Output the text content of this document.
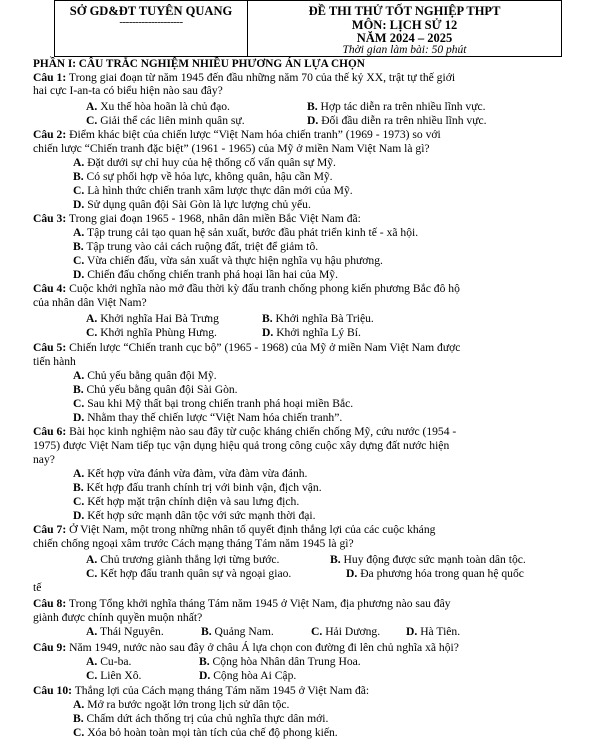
SỞ GD&ĐT TUYÊN QUANG
--------------------
ĐỀ THI THỬ TỐT NGHIỆP THPT
MÔN: LỊCH SỬ 12
NĂM 2024 – 2025
Thời gian làm bài: 50 phút
PHẦN I: CÂU TRẮC NGHIỆM NHIỀU PHƯƠNG ÁN LỰA CHỌN
Câu 1: Trong giai đoạn từ năm 1945 đến đầu những năm 70 của thế kỷ XX, trật tự thế giới
hai cực I-an-ta có biểu hiện nào sau đây?
A. Xu thế hòa hoãn là chủ đạo.	B. Hợp tác diễn ra trên nhiều lĩnh vực.
C. Giải thể các liên minh quân sự.	D. Đối đầu diễn ra trên nhiều lĩnh vực.
Câu 2: Điểm khác biệt của chiến lược “Việt Nam hóa chiến tranh” (1969 - 1973) so với
chiến lược “Chiến tranh đặc biệt” (1961 - 1965) của Mỹ ở miền Nam Việt Nam là gì?
A. Đặt dưới sự chỉ huy của hệ thống cố vấn quân sự Mỹ.
B. Có sự phối hợp về hỏa lực, không quân, hậu cần Mỹ.
C. Là hình thức chiến tranh xâm lược thực dân mới của Mỹ.
D. Sử dụng quân đội Sài Gòn là lực lượng chủ yếu.
Câu 3: Trong giai đoạn 1965 - 1968, nhân dân miền Bắc Việt Nam đã:
A. Tập trung cải tạo quan hệ sản xuất, bước đầu phát triển kinh tế - xã hội.
B. Tập trung vào cải cách ruộng đất, triệt để giảm tô.
C. Vừa chiến đấu, vừa sản xuất và thực hiện nghĩa vụ hậu phương.
D. Chiến đấu chống chiến tranh phá hoại lần hai của Mỹ.
Câu 4: Cuộc khởi nghĩa nào mở đầu thời kỳ đấu tranh chống phong kiến phương Bắc đô hộ
của nhân dân Việt Nam?
A. Khởi nghĩa Hai Bà Trưng	B. Khởi nghĩa Bà Triệu.
C. Khởi nghĩa Phùng Hưng.	D. Khởi nghĩa Lý Bí.
Câu 5: Chiến lược “Chiến tranh cục bộ” (1965 - 1968) của Mỹ ở miền Nam Việt Nam được
tiến hành
A. Chủ yếu bằng quân đội Mỹ.
B. Chủ yếu bằng quân đội Sài Gòn.
C. Sau khi Mỹ thất bại trong chiến tranh phá hoại miền Bắc.
D. Nhằm thay thế chiến lược “Việt Nam hóa chiến tranh”.
Câu 6: Bài học kinh nghiệm nào sau đây từ cuộc kháng chiến chống Mỹ, cứu nước (1954 -
1975) được Việt Nam tiếp tục vận dụng hiệu quả trong công cuộc xây dựng đất nước hiện
nay?
A. Kết hợp vừa đánh vừa đàm, vừa đàm vừa đánh.
B. Kết hợp đấu tranh chính trị với binh vận, địch vận.
C. Kết hợp mặt trận chính diện và sau lưng địch.
D. Kết hợp sức mạnh dân tộc với sức mạnh thời đại.
Câu 7: Ở Việt Nam, một trong những nhân tố quyết định thắng lợi của các cuộc kháng
chiến chống ngoại xâm trước Cách mạng tháng Tám năm 1945 là gì?
A. Chủ trương giành thắng lợi từng bước.	B. Huy động được sức mạnh toàn dân tộc.
C. Kết hợp đấu tranh quân sự và ngoại giao.	D. Đa phương hóa trong quan hệ quốc
tế
Câu 8: Trong Tổng khởi nghĩa tháng Tám năm 1945 ở Việt Nam, địa phương nào sau đây
giành được chính quyền muộn nhất?
A. Thái Nguyên.	B. Quảng Nam.	C. Hải Dương. D. Hà Tiên.
Câu 9: Năm 1949, nước nào sau đây ở châu Á lựa chọn con đường đi lên chủ nghĩa xã hội?
A. Cu-ba.	B. Cộng hòa Nhân dân Trung Hoa.
C. Liên Xô.	D. Cộng hòa Ai Cập.
Câu 10: Thắng lợi của Cách mạng tháng Tám năm 1945 ở Việt Nam đã:
A. Mở ra bước ngoặt lớn trong lịch sử dân tộc.
B. Chấm dứt ách thống trị của chủ nghĩa thực dân mới.
C. Xóa bỏ hoàn toàn mọi tàn tích của chế độ phong kiến.
